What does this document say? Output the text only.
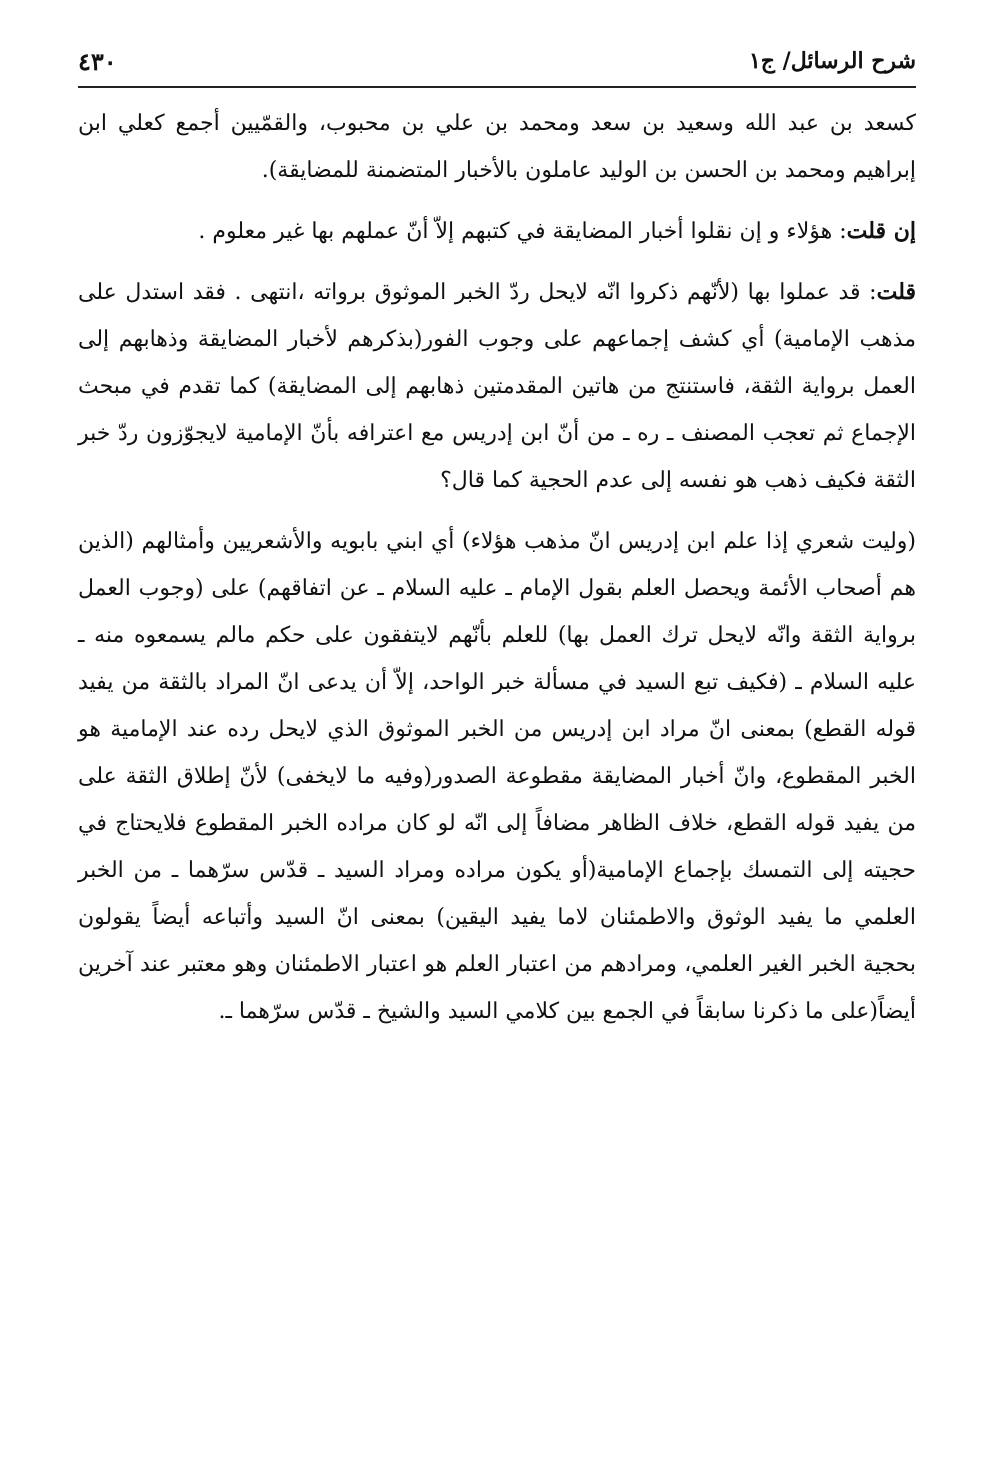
شرح الرسائل/ ج١
٤٣٠

كسعد بن عبد الله وسعيد بن سعد ومحمد بن علي بن محبوب، والقمّيين أجمع كعلي ابن إبراهيم ومحمد بن الحسن بن الوليد عاملون بالأخبار المتضمنة للمضايقة).

إن قلت: هؤلاء و إن نقلوا أخبار المضايقة في كتبهم إلاّ أنّ عملهم بها غير معلوم .

قلت: قد عملوا بها (لأنّهم ذكروا انّه لايحل ردّ الخبر الموثوق برواته ،انتهى . فقد استدل على مذهب الإمامية) أي كشف إجماعهم على وجوب الفور(بذكرهم لأخبار المضايقة وذهابهم إلى العمل برواية الثقة، فاستنتج من هاتين المقدمتين ذهابهم إلى المضايقة) كما تقدم في مبحث الإجماع ثم تعجب المصنف ـ ره ـ من أنّ ابن إدريس مع اعترافه بأنّ الإمامية لايجوّزون ردّ خبر الثقة فكيف ذهب هو نفسه إلى عدم الحجية كما قال؟

(وليت شعري إذا علم ابن إدريس انّ مذهب هؤلاء) أي ابني بابويه والأشعريين وأمثالهم (الذين هم أصحاب الأئمة ويحصل العلم بقول الإمام ـ عليه السلام ـ عن اتفاقهم) على (وجوب العمل برواية الثقة وانّه لايحل ترك العمل بها) للعلم بأنّهم لايتفقون على حكم مالم يسمعوه منه ـ عليه السلام ـ (فكيف تبع السيد في مسألة خبر الواحد، إلاّ أن يدعى انّ المراد بالثقة من يفيد قوله القطع) بمعنى انّ مراد ابن إدريس من الخبر الموثوق الذي لايحل رده عند الإمامية هو الخبر المقطوع، وانّ أخبار المضايقة مقطوعة الصدور(وفيه ما لايخفى) لأنّ إطلاق الثقة على من يفيد قوله القطع، خلاف الظاهر مضافاً إلى انّه لو كان مراده الخبر المقطوع فلايحتاج في حجيته إلى التمسك بإجماع الإمامية(أو يكون مراده ومراد السيد ـ قدّس سرّهما ـ من الخبر العلمي ما يفيد الوثوق والاطمئنان لاما يفيد اليقين) بمعنى انّ السيد وأتباعه أيضاً يقولون بحجية الخبر الغير العلمي، ومرادهم من اعتبار العلم هو اعتبار الاطمئنان وهو معتبر عند آخرين أيضاً(على ما ذكرنا سابقاً في الجمع بين كلامي السيد والشيخ ـ قدّس سرّهما ـ.
